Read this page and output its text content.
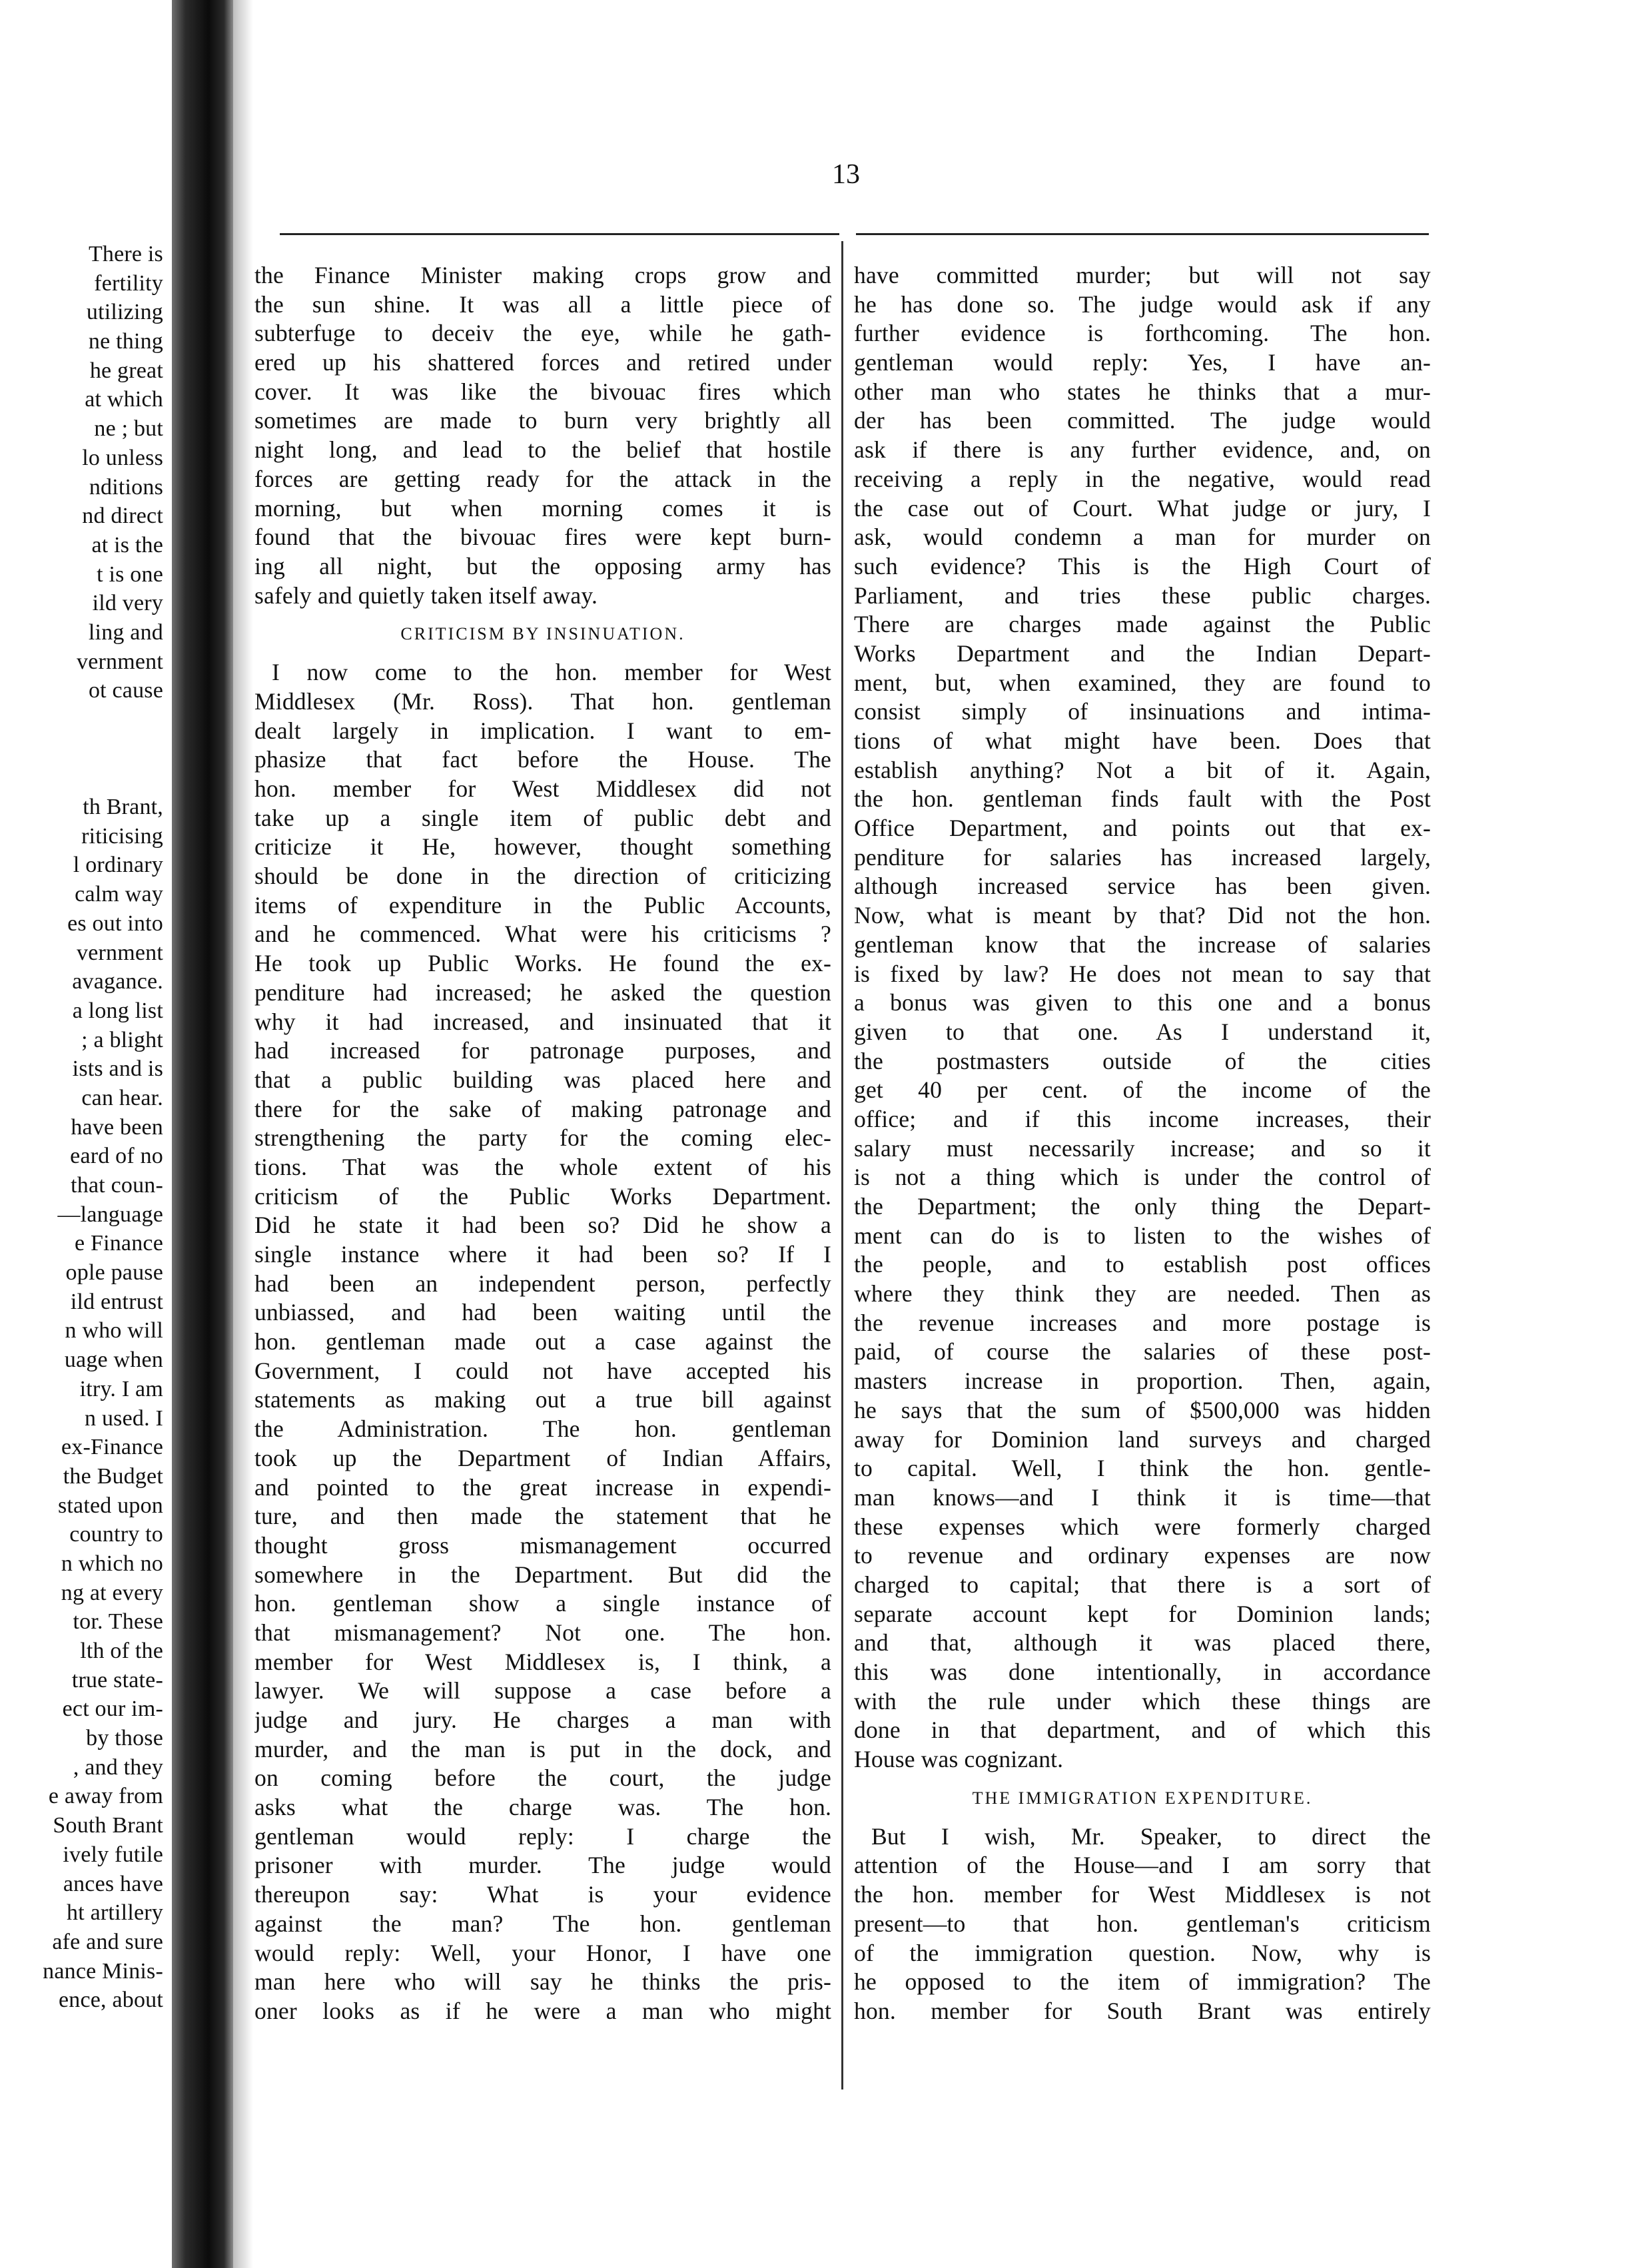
There is
fertility
utilizing
ne thing
he great
at which
ne ; but
lo unless
nditions
nd direct
at is the
t is one
ild very
ling and
vernment
ot cause
th Brant,
riticising
l ordinary
calm way
es out into
vernment
avagance.
a long list
; a blight
ists and is
can hear.
have been
eard of no
that coun-
—language
e Finance
ople pause
ild entrust
n who will
uage when
itry. I am
n used. I
ex-Finance
the Budget
stated upon
country to
n which no
ng at every
tor. These
lth of the
true state-
ect our im-
by those
, and they
e away from
South Brant
ively futile
ances have
ht artillery
afe and sure
nance Minis-
ence, about
13
the Finance Minister making crops grow and
the sun shine. It was all a little piece of
subterfuge to deceiv the eye, while he gath-
ered up his shattered forces and retired under
cover. It was like the bivouac fires which
sometimes are made to burn very brightly all
night long, and lead to the belief that hostile
forces are getting ready for the attack in the
morning, but when morning comes it is
found that the bivouac fires were kept burn-
ing all night, but the opposing army has
safely and quietly taken itself away.
CRITICISM BY INSINUATION.
I now come to the hon. member for West
Middlesex (Mr. Ross). That hon. gentleman
dealt largely in implication. I want to em-
phasize that fact before the House. The
hon. member for West Middlesex did not
take up a single item of public debt and
criticize it He, however, thought something
should be done in the direction of criticizing
items of expenditure in the Public Accounts,
and he commenced. What were his criticisms ?
He took up Public Works. He found the ex-
penditure had increased; he asked the question
why it had increased, and insinuated that it
had increased for patronage purposes, and
that a public building was placed here and
there for the sake of making patronage and
strengthening the party for the coming elec-
tions. That was the whole extent of his
criticism of the Public Works Department.
Did he state it had been so? Did he show a
single instance where it had been so? If I
had been an independent person, perfectly
unbiassed, and had been waiting until the
hon. gentleman made out a case against the
Government, I could not have accepted his
statements as making out a true bill against
the Administration. The hon. gentleman
took up the Department of Indian Affairs,
and pointed to the great increase in expendi-
ture, and then made the statement that he
thought gross mismanagement occurred
somewhere in the Department. But did the
hon. gentleman show a single instance of
that mismanagement? Not one. The hon.
member for West Middlesex is, I think, a
lawyer. We will suppose a case before a
judge and jury. He charges a man with
murder, and the man is put in the dock, and
on coming before the court, the judge
asks what the charge was. The hon.
gentleman would reply: I charge the
prisoner with murder. The judge would
thereupon say: What is your evidence
against the man? The hon. gentleman
would reply: Well, your Honor, I have one
man here who will say he thinks the pris-
oner looks as if he were a man who might
have committed murder; but will not say
he has done so. The judge would ask if any
further evidence is forthcoming. The hon.
gentleman would reply: Yes, I have an-
other man who states he thinks that a mur-
der has been committed. The judge would
ask if there is any further evidence, and, on
receiving a reply in the negative, would read
the case out of Court. What judge or jury, I
ask, would condemn a man for murder on
such evidence? This is the High Court of
Parliament, and tries these public charges.
There are charges made against the Public
Works Department and the Indian Depart-
ment, but, when examined, they are found to
consist simply of insinuations and intima-
tions of what might have been. Does that
establish anything? Not a bit of it. Again,
the hon. gentleman finds fault with the Post
Office Department, and points out that ex-
penditure for salaries has increased largely,
although increased service has been given.
Now, what is meant by that? Did not the hon.
gentleman know that the increase of salaries
is fixed by law? He does not mean to say that
a bonus was given to this one and a bonus
given to that one. As I understand it,
the postmasters outside of the cities
get 40 per cent. of the income of the
office; and if this income increases, their
salary must necessarily increase; and so it
is not a thing which is under the control of
the Department; the only thing the Depart-
ment can do is to listen to the wishes of
the people, and to establish post offices
where they think they are needed. Then as
the revenue increases and more postage is
paid, of course the salaries of these post-
masters increase in proportion. Then, again,
he says that the sum of $500,000 was hidden
away for Dominion land surveys and charged
to capital. Well, I think the hon. gentle-
man knows—and I think it is time—that
these expenses which were formerly charged
to revenue and ordinary expenses are now
charged to capital; that there is a sort of
separate account kept for Dominion lands;
and that, although it was placed there,
this was done intentionally, in accordance
with the rule under which these things are
done in that department, and of which this
House was cognizant.
THE IMMIGRATION EXPENDITURE.
But I wish, Mr. Speaker, to direct the
attention of the House—and I am sorry that
the hon. member for West Middlesex is not
present—to that hon. gentleman's criticism
of the immigration question. Now, why is
he opposed to the item of immigration? The
hon. member for South Brant was entirely
